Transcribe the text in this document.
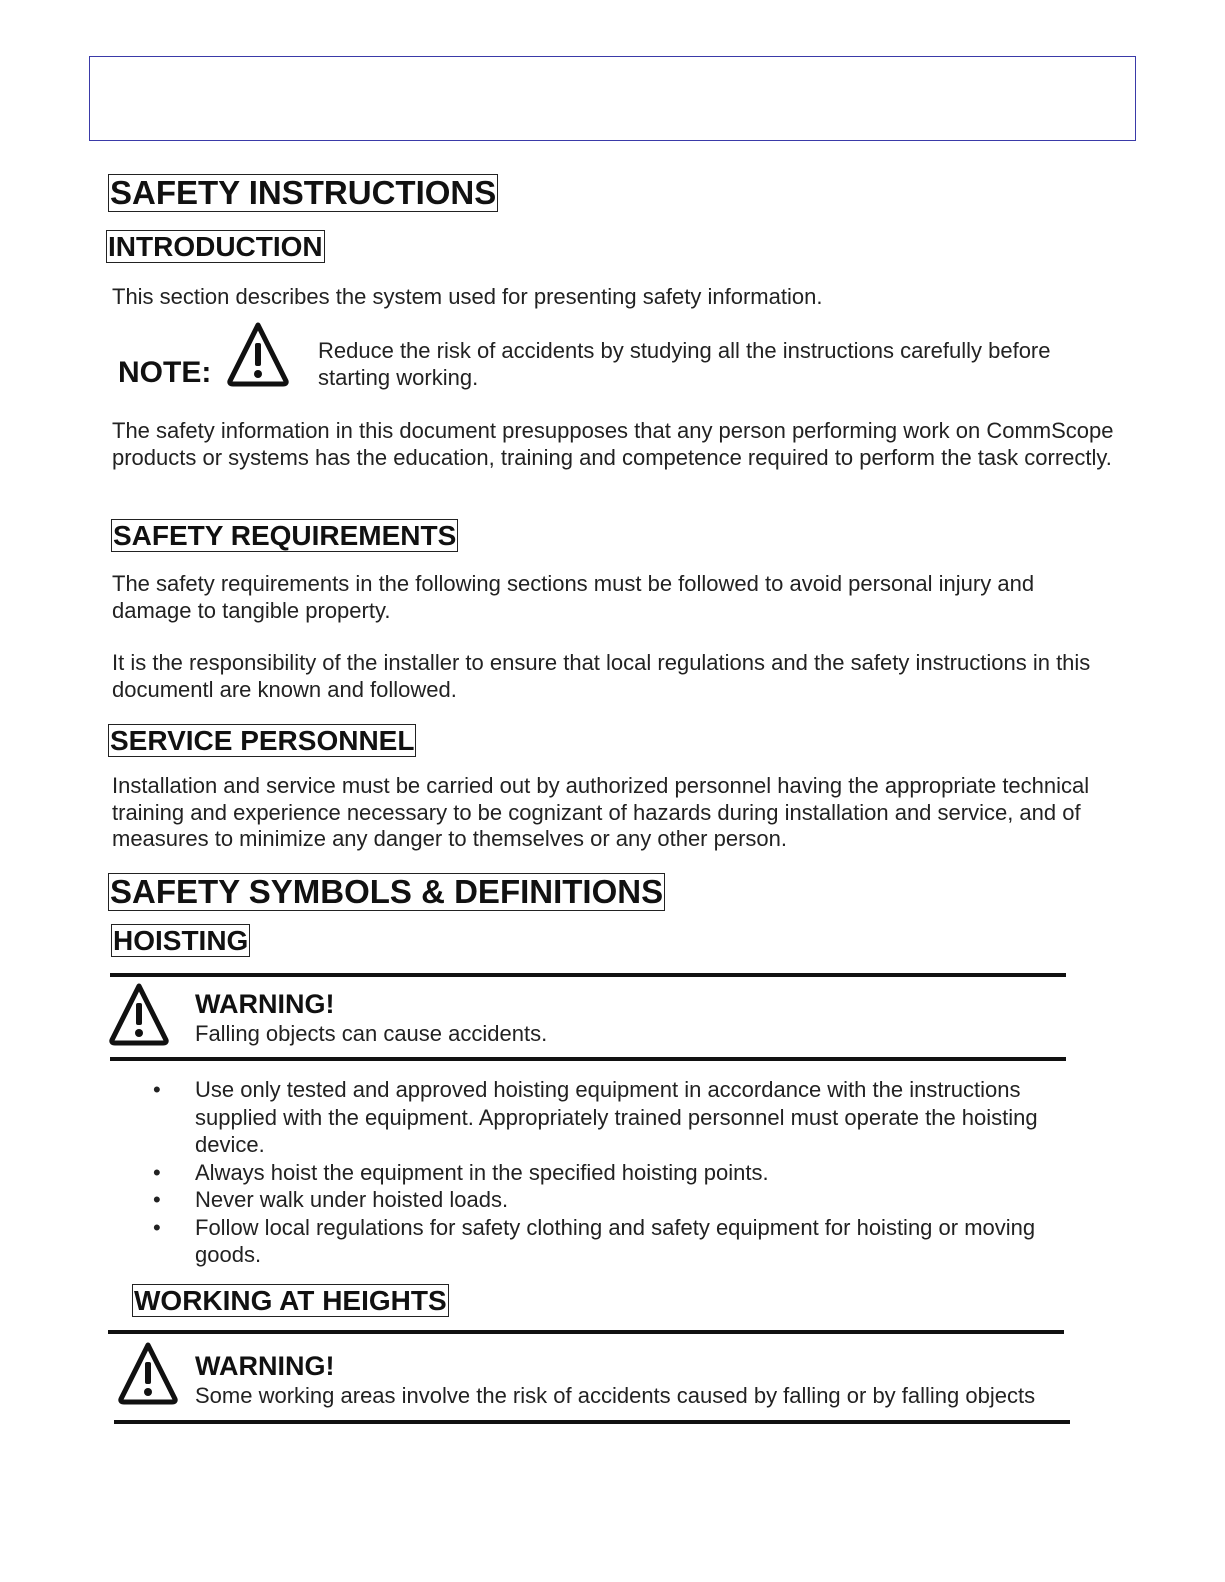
SAFETY INSTRUCTIONS
INTRODUCTION
This section describes the system used for presenting safety information.
NOTE:
Reduce the risk of accidents by studying all the instructions carefully before starting working.
The safety information in this document presupposes that any person performing work on CommScope products or systems has the education, training and competence required to perform the task correctly.
SAFETY REQUIREMENTS
The safety requirements in the following sections must be followed to avoid personal injury and damage to tangible property.
It is the responsibility of the installer to ensure that local regulations and the safety instructions in this documentl are known and followed.
SERVICE PERSONNEL
Installation and service must be carried out by authorized personnel having the appropriate technical training and experience necessary to be cognizant of hazards during installation and service, and of measures to minimize any danger to themselves or any other person.
SAFETY SYMBOLS & DEFINITIONS
HOISTING
WARNING!
Falling objects can cause accidents.
• Use only tested and approved hoisting equipment in accordance with the instructions supplied with the equipment. Appropriately trained personnel must operate the hoisting device.
• Always hoist the equipment in the specified hoisting points.
• Never walk under hoisted loads.
• Follow local regulations for safety clothing and safety equipment for hoisting or moving goods.
WORKING AT HEIGHTS
WARNING!
Some working areas involve the risk of accidents caused by falling or by falling objects
